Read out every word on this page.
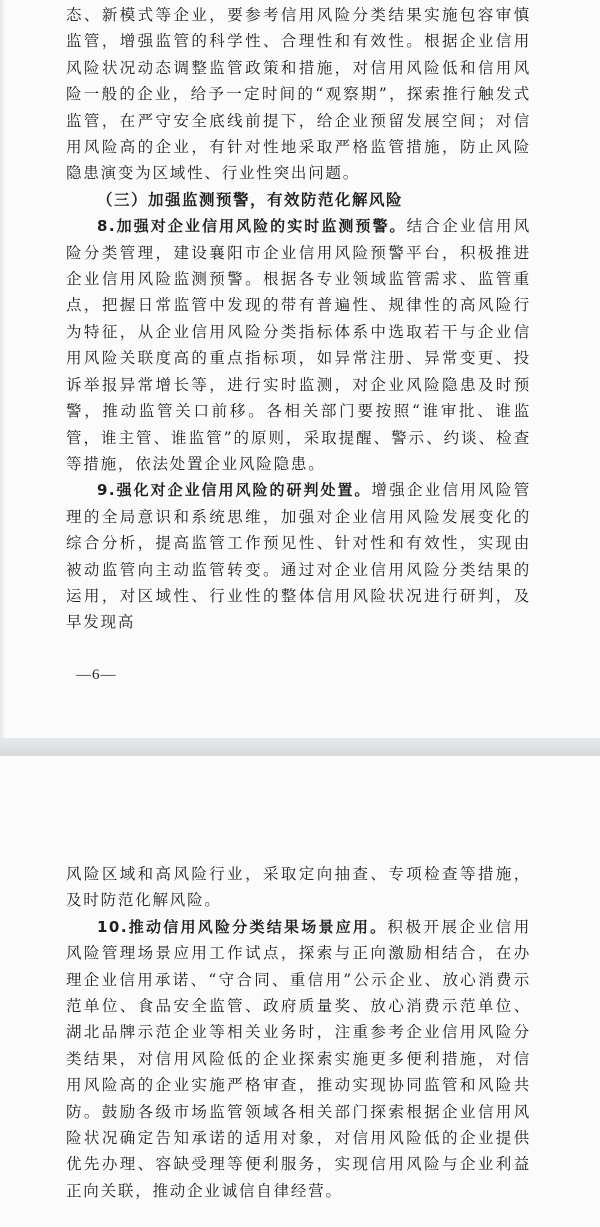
态、新模式等企业，要参考信用风险分类结果实施包容审慎监管，增强监管的科学性、合理性和有效性。根据企业信用风险状况动态调整监管政策和措施，对信用风险低和信用风险一般的企业，给予一定时间的“观察期”，探索推行触发式监管，在严守安全底线前提下，给企业预留发展空间；对信用风险高的企业，有针对性地采取严格监管措施，防止风险隐患演变为区域性、行业性突出问题。

（三）加强监测预警，有效防范化解风险

8.加强对企业信用风险的实时监测预警。结合企业信用风险分类管理，建设襄阳市企业信用风险预警平台，积极推进企业信用风险监测预警。根据各专业领域监管需求、监管重点，把握日常监管中发现的带有普遍性、规律性的高风险行为特征，从企业信用风险分类指标体系中选取若干与企业信用风险关联度高的重点指标项，如异常注册、异常变更、投诉举报异常增长等，进行实时监测，对企业风险隐患及时预警，推动监管关口前移。各相关部门要按照“谁审批、谁监管，谁主管、谁监管”的原则，采取提醒、警示、约谈、检查等措施，依法处置企业风险隐患。

9.强化对企业信用风险的研判处置。增强企业信用风险管理的全局意识和系统思维，加强对企业信用风险发展变化的综合分析，提高监管工作预见性、针对性和有效性，实现由被动监管向主动监管转变。通过对企业信用风险分类结果的运用，对区域性、行业性的整体信用风险状况进行研判，及早发现高

—6—

风险区域和高风险行业，采取定向抽查、专项检查等措施，及时防范化解风险。

10.推动信用风险分类结果场景应用。积极开展企业信用风险管理场景应用工作试点，探索与正向激励相结合，在办理企业信用承诺、“守合同、重信用”公示企业、放心消费示范单位、食品安全监管、政府质量奖、放心消费示范单位、湖北品牌示范企业等相关业务时，注重参考企业信用风险分类结果，对信用风险低的企业探索实施更多便利措施，对信用风险高的企业实施严格审查，推动实现协同监管和风险共防。鼓励各级市场监管领域各相关部门探索根据企业信用风险状况确定告知承诺的适用对象，对信用风险低的企业提供优先办理、容缺受理等便利服务，实现信用风险与企业利益正向关联，推动企业诚信自律经营。
